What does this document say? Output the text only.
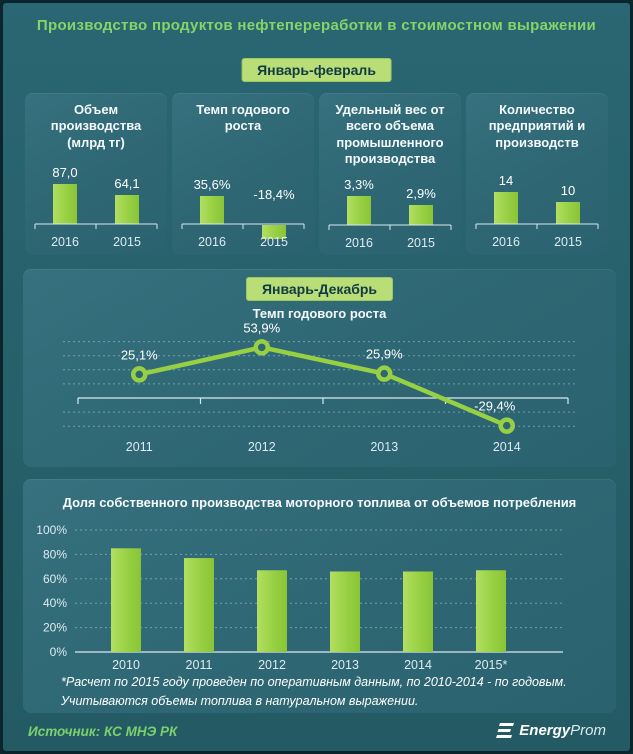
Производство продуктов нефтепереработки в стоимостном выражении
Январь-февраль
Объем производства (млрд тг)
87,0
2016
64,1
2015
Темп годового роста
35,6%
2016
-18,4%
2015
Удельный вес от всего объема промышленного производства
3,3%
2016
2,9%
2015
Количество предприятий и производств
14
2016
10
2015
Январь-Декабрь
Темп годового роста
25,1%
2011
53,9%
2012
25,9%
2013
-29,4%
2014
Доля собственного производства моторного топлива от объемов потребления
100%
80%
60%
40%
20%
0%
2010	2011	2012	2013	2014	2015*
*Расчет по 2015 году проведен по оперативным данным, по 2010-2014 - по годовым.
Учитываются объемы топлива в натуральном выражении.
Источник: КС МНЭ РК	EnergyProm
